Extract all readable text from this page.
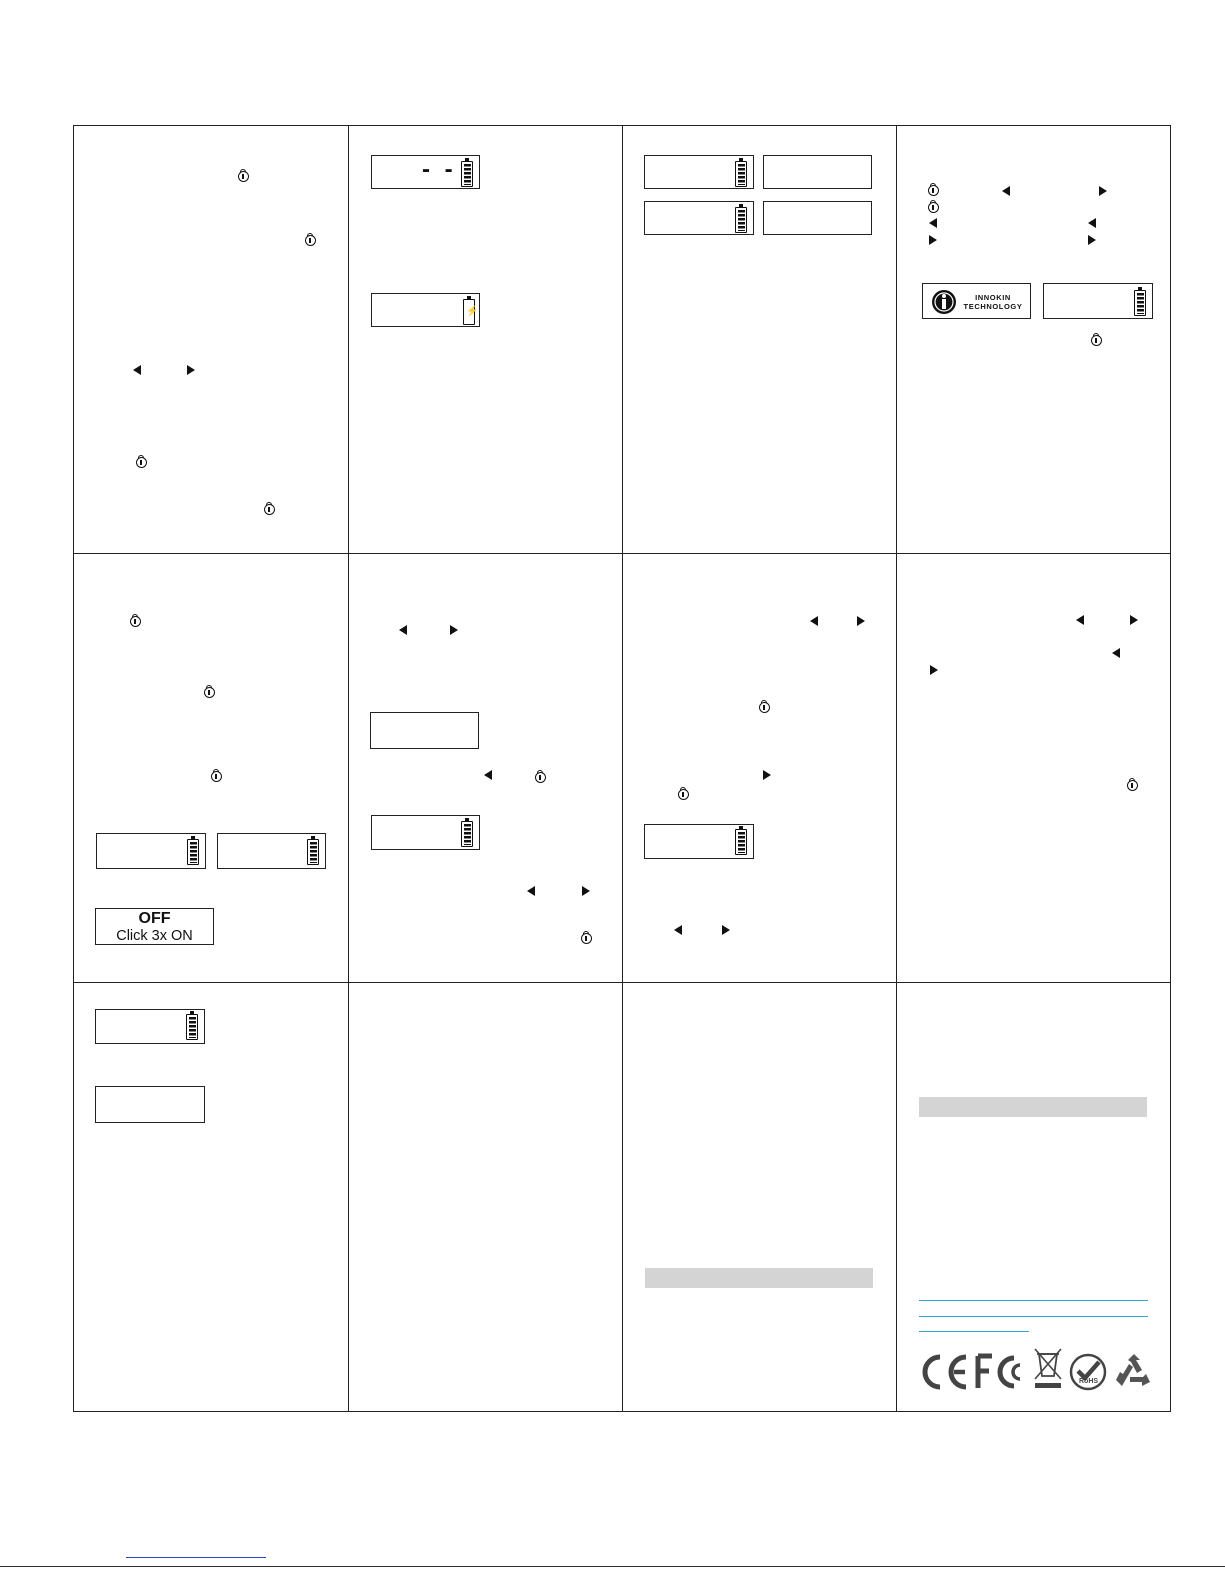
- -
⚡
INNOKIN
TECHNOLOGY
OFF
Click 3x ON
RoHS
